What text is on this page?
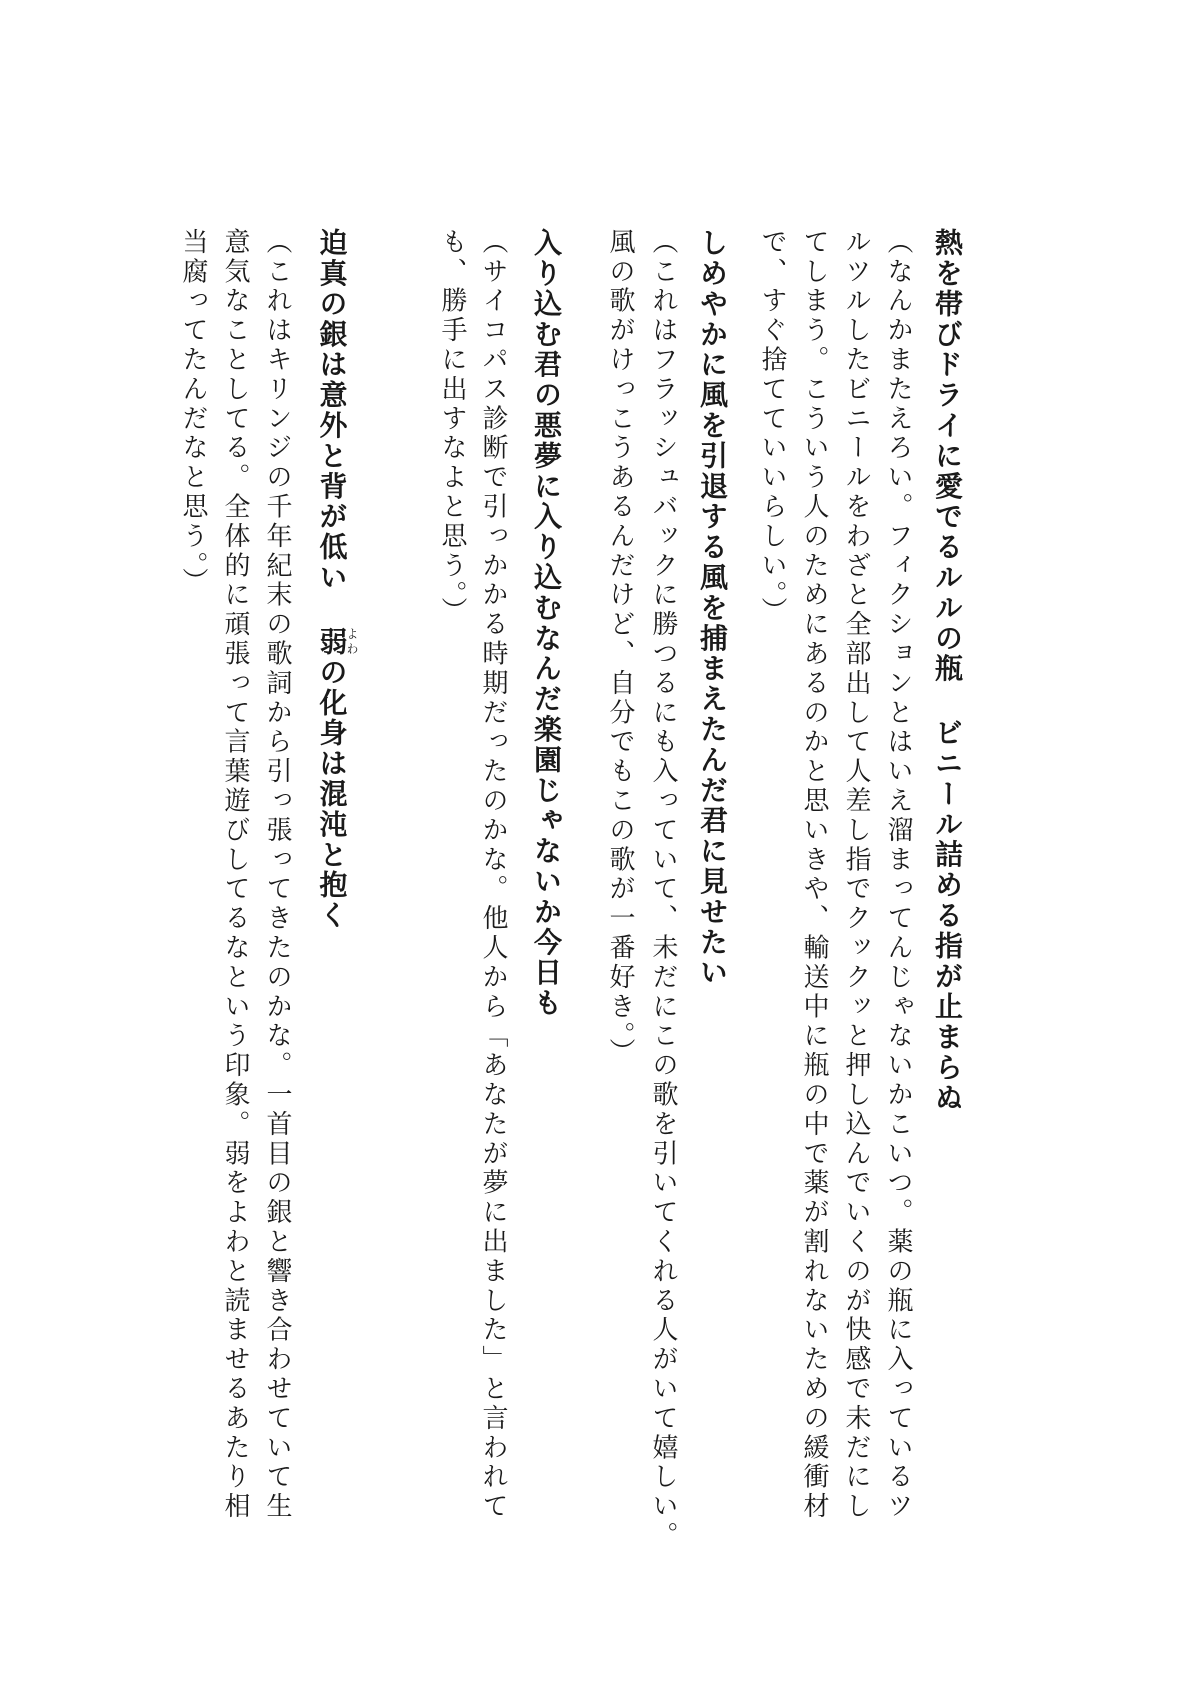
熱を帯びドライに愛でるルルの瓶ビニール詰める指が止まらぬ
（なんかまたえろい。フィクションとはいえ溜まってんじゃないかこいつ。薬の瓶に入っているツ
ルツルしたビニールをわざと全部出して人差し指でクックッと押し込んでいくのが快感で未だにし
てしまう。こういう人のためにあるのかと思いきや、輸送中に瓶の中で薬が割れないための緩衝材
で、すぐ捨てていいらしい。）
しめやかに風を引退する風を捕まえたんだ君に見せたい
（これはフラッシュバックに勝つるにも入っていて、未だにこの歌を引いてくれる人がいて嬉しい。
風の歌がけっこうあるんだけど、自分でもこの歌が一番好き。）
入り込む君の悪夢に入り込むなんだ楽園じゃないか今日も
（サイコパス診断で引っかかる時期だったのかな。他人から「あなたが夢に出ました」と言われて
も、勝手に出すなよと思う。）
迫真の銀は意外と背が低い弱よわの化身は混沌と抱く
（これはキリンジの千年紀末の歌詞から引っ張ってきたのかな。一首目の銀と響き合わせていて生
意気なことしてる。全体的に頑張って言葉遊びしてるなという印象。弱をよわと読ませるあたり相
当腐ってたんだなと思う。）
